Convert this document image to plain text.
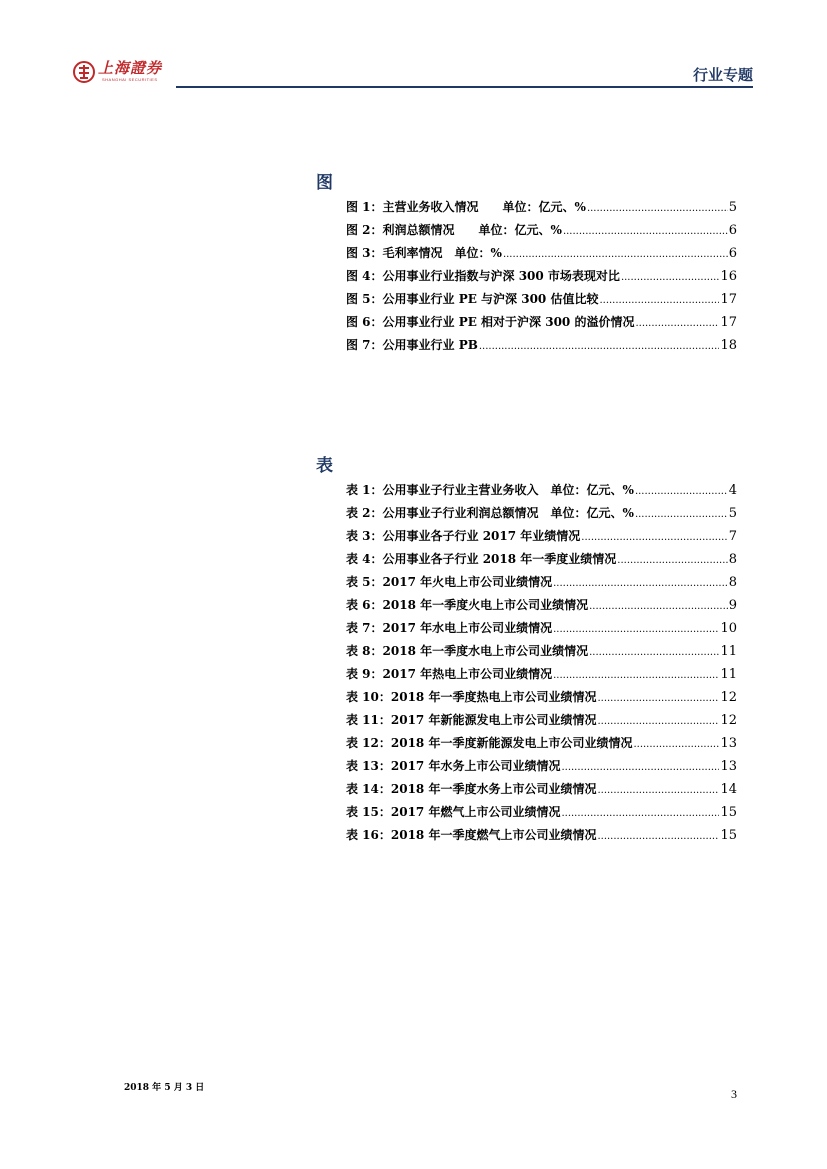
上海證券
SHANGHAI SECURITIES	行业专题
图
图 1：主营业务收入情况　　单位：亿元、% .....	5
图 2：利润总额情况　　单位：亿元、% .....	6
图 3：毛利率情况　单位：% .....	6
图 4：公用事业行业指数与沪深 300 市场表现对比 .....	16
图 5：公用事业行业 PE 与沪深 300 估值比较 .....	17
图 6：公用事业行业 PE 相对于沪深 300 的溢价情况 .....	17
图 7：公用事业行业 PB .....	18
表
表 1：公用事业子行业主营业务收入　单位：亿元、% .....	4
表 2：公用事业子行业利润总额情况　单位：亿元、% .....	5
表 3：公用事业各子行业 2017 年业绩情况 .....	7
表 4：公用事业各子行业 2018 年一季度业绩情况 .....	8
表 5：2017 年火电上市公司业绩情况 .....	8
表 6：2018 年一季度火电上市公司业绩情况 .....	9
表 7：2017 年水电上市公司业绩情况 .....	10
表 8：2018 年一季度水电上市公司业绩情况 .....	11
表 9：2017 年热电上市公司业绩情况 .....	11
表 10：2018 年一季度热电上市公司业绩情况 .....	12
表 11：2017 年新能源发电上市公司业绩情况 .....	12
表 12：2018 年一季度新能源发电上市公司业绩情况 .....	13
表 13：2017 年水务上市公司业绩情况 .....	13
表 14：2018 年一季度水务上市公司业绩情况 .....	14
表 15：2017 年燃气上市公司业绩情况 .....	15
表 16：2018 年一季度燃气上市公司业绩情况 .....	15
2018 年 5 月 3 日	3
